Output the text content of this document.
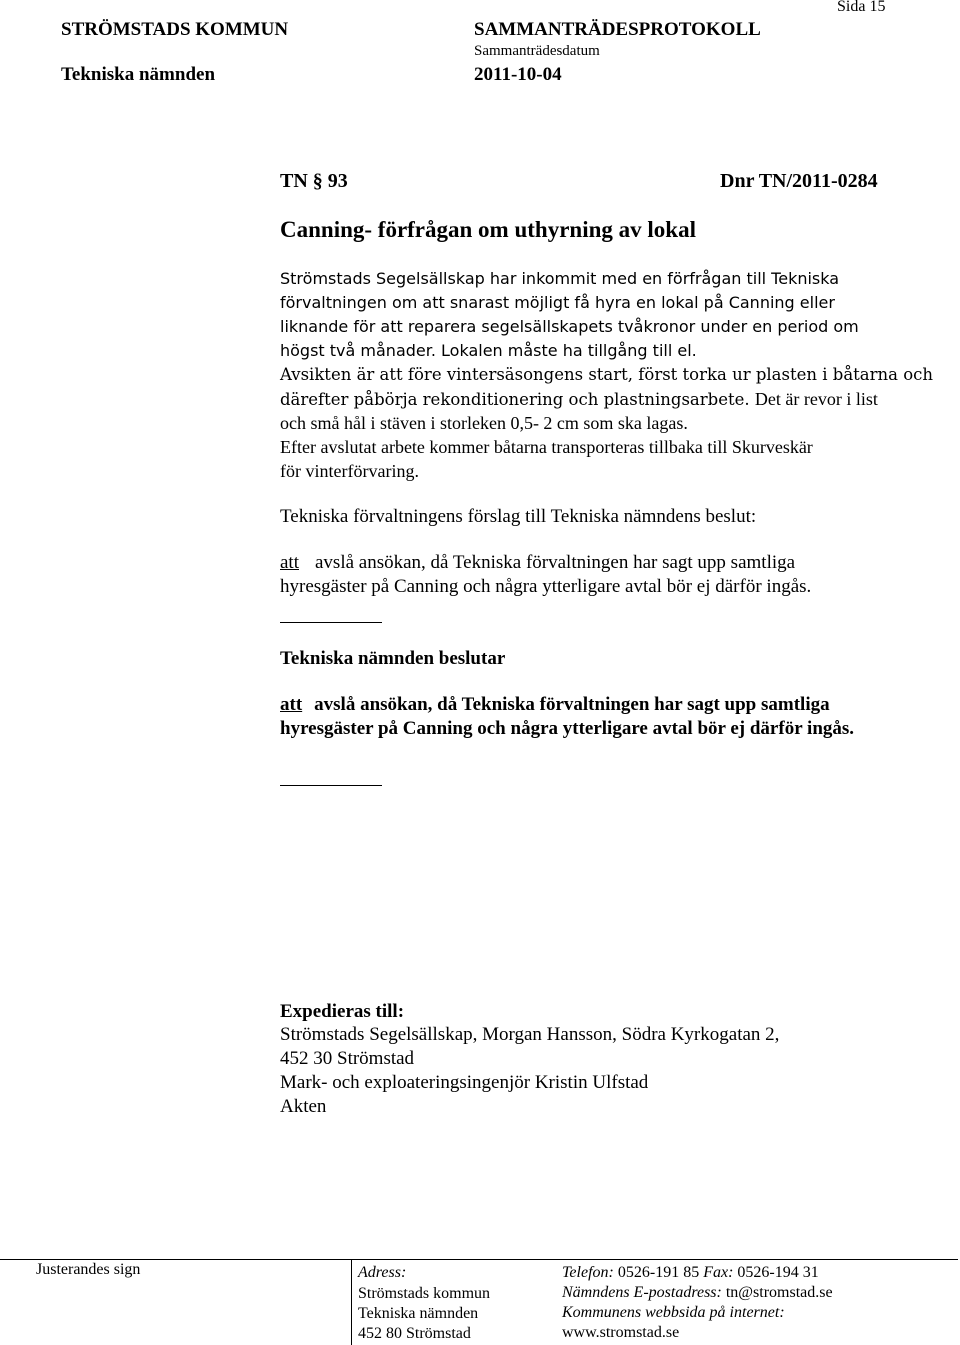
STRÖMSTADS KOMMUN	SAMMANTRÄDESPROTOKOLL
Sida 15
Sammanträdesdatum
Tekniska nämnden	2011-10-04
TN § 93	Dnr TN/2011-0284
Canning- förfrågan om uthyrning av lokal
Strömstads Segelsällskap har inkommit med en förfrågan till Tekniska
förvaltningen om att snarast möjligt få hyra en lokal på Canning eller
liknande för att reparera segelsällskapets tvåkronor under en period om
högst två månader. Lokalen måste ha tillgång till el.
Avsikten är att före vintersäsongens start, först torka ur plasten i båtarna och
därefter påbörja rekonditionering och plastningsarbete. Det är revor i list
och små hål i stäven i storleken 0,5- 2 cm som ska lagas.
Efter avslutat arbete kommer båtarna transporteras tillbaka till Skurveskär
för vinterförvaring.
Tekniska förvaltningens förslag till Tekniska nämndens beslut:
att avslå ansökan, då Tekniska förvaltningen har sagt upp samtliga
hyresgäster på Canning och några ytterligare avtal bör ej därför ingås.
Tekniska nämnden beslutar
att avslå ansökan, då Tekniska förvaltningen har sagt upp samtliga
hyresgäster på Canning och några ytterligare avtal bör ej därför ingås.
Expedieras till:
Strömstads Segelsällskap, Morgan Hansson, Södra Kyrkogatan 2,
452 30 Strömstad
Mark- och exploateringsingenjör Kristin Ulfstad
Akten
Justerandes sign	Adress:
Strömstads kommun
Tekniska nämnden
452 80 Strömstad
Telefon: 0526-191 85 Fax: 0526-194 31
Nämndens E-postadress: tn@stromstad.se
Kommunens webbsida på internet:
www.stromstad.se
